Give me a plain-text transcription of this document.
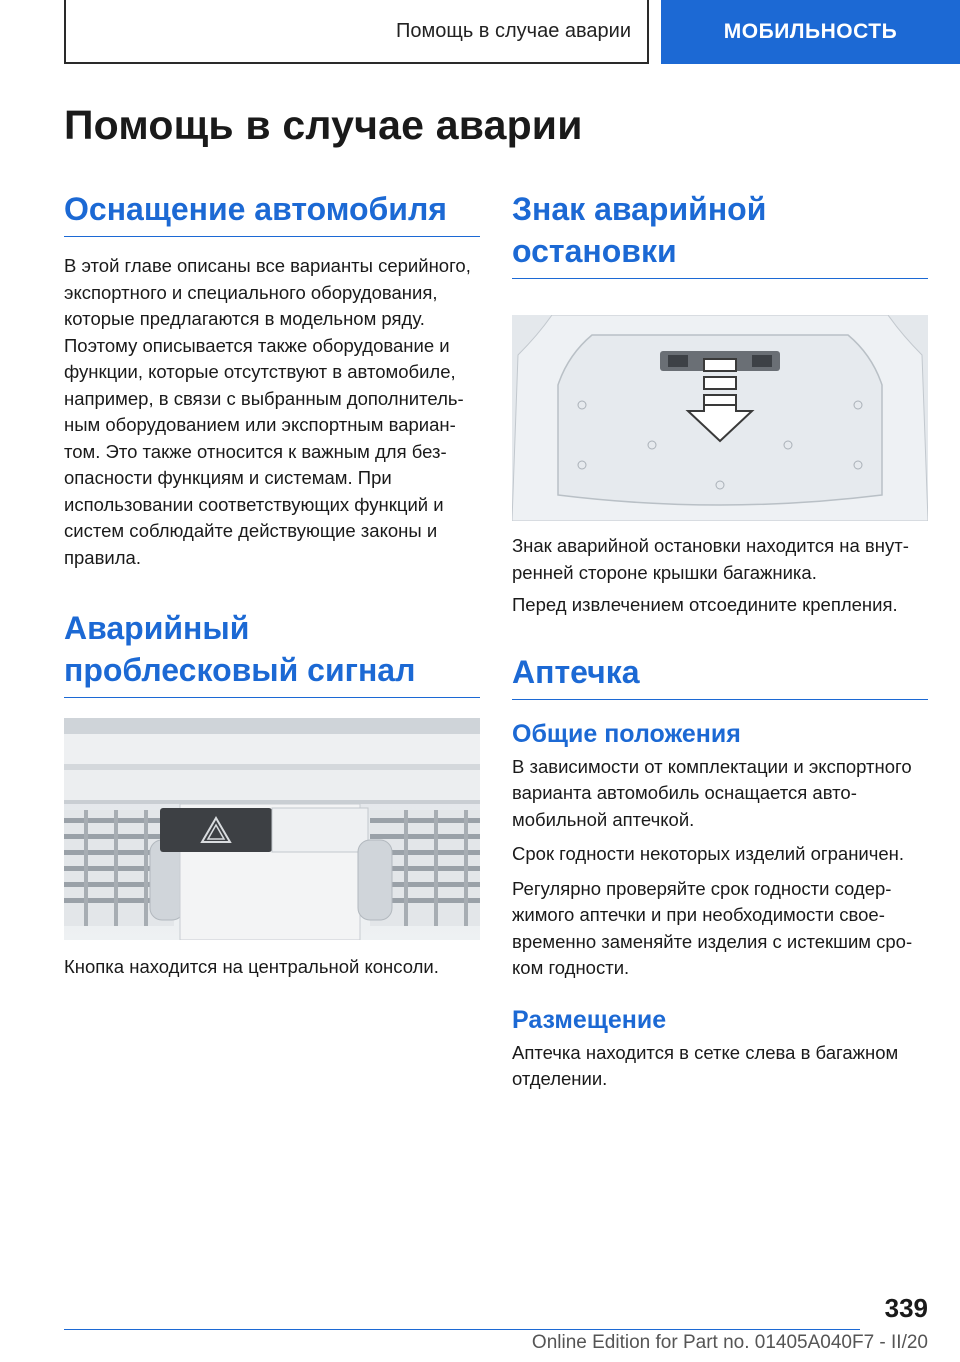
Помощь в случае аварии	МОБИЛЬНОСТЬ
Помощь в случае аварии
Оснащение автомобиля

В этой главе описаны все варианты серийного, экспортного и специального оборудования, которые предлагаются в модельном ряду. Поэтому описывается также оборудование и функции, которые отсутствуют в автомобиле, например, в связи с выбранным дополнительным оборудованием или экспортным вариантом. Это также относится к важным для безопасности функциям и системам. При использовании соответствующих функций и систем соблюдайте действующие законы и правила.

Аварийный проблесковый сигнал

Кнопка находится на центральной консоли.

Знак аварийной остановки

Знак аварийной остановки находится на внутренней стороне крышки багажника.

Перед извлечением отсоедините крепления.

Аптечка
Общие положения

В зависимости от комплектации и экспортного варианта автомобиль оснащается автомобильной аптечкой.

Срок годности некоторых изделий ограничен.

Регулярно проверяйте срок годности содержимого аптечки и при необходимости своевременно заменяйте изделия с истекшим сроком годности.

Размещение

Аптечка находится в сетке слева в багажном отделении.

339
Online Edition for Part no. 01405A040F7 - II/20
